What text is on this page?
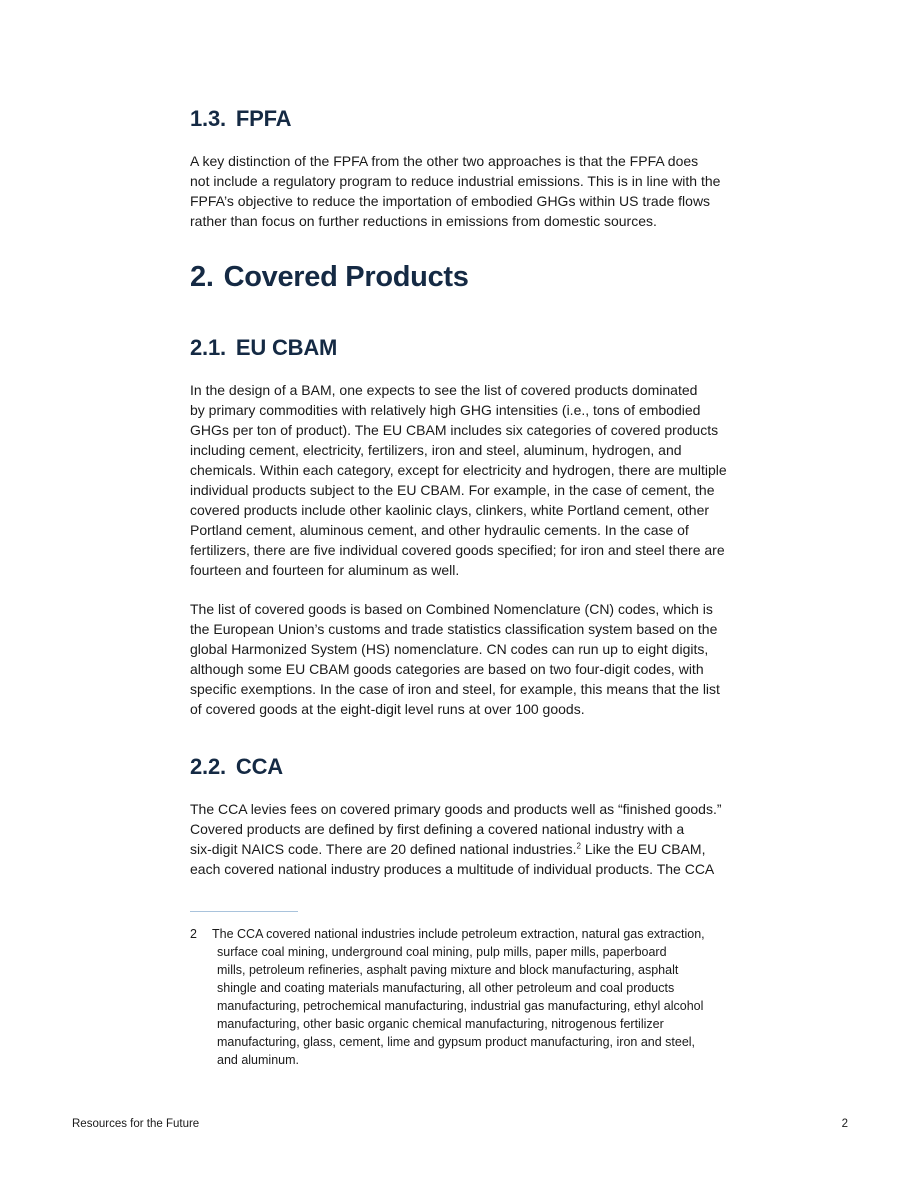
1.3. FPFA

A key distinction of the FPFA from the other two approaches is that the FPFA does
not include a regulatory program to reduce industrial emissions. This is in line with the
FPFA’s objective to reduce the importation of embodied GHGs within US trade flows
rather than focus on further reductions in emissions from domestic sources.

2. Covered Products
2.1. EU CBAM

In the design of a BAM, one expects to see the list of covered products dominated
by primary commodities with relatively high GHG intensities (i.e., tons of embodied
GHGs per ton of product). The EU CBAM includes six categories of covered products
including cement, electricity, fertilizers, iron and steel, aluminum, hydrogen, and
chemicals. Within each category, except for electricity and hydrogen, there are multiple
individual products subject to the EU CBAM. For example, in the case of cement, the
covered products include other kaolinic clays, clinkers, white Portland cement, other
Portland cement, aluminous cement, and other hydraulic cements. In the case of
fertilizers, there are five individual covered goods specified; for iron and steel there are
fourteen and fourteen for aluminum as well.

The list of covered goods is based on Combined Nomenclature (CN) codes, which is
the European Union’s customs and trade statistics classification system based on the
global Harmonized System (HS) nomenclature. CN codes can run up to eight digits,
although some EU CBAM goods categories are based on two four-digit codes, with
specific exemptions. In the case of iron and steel, for example, this means that the list
of covered goods at the eight-digit level runs at over 100 goods.

2.2. CCA

The CCA levies fees on covered primary goods and products well as “finished goods.”
Covered products are defined by first defining a covered national industry with a
six-digit NAICS code. There are 20 defined national industries.$^2$ Like the EU CBAM,
each covered national industry produces a multitude of individual products. The CCA

2 The CCA covered national industries include petroleum extraction, natural gas extraction,
surface coal mining, underground coal mining, pulp mills, paper mills, paperboard
mills, petroleum refineries, asphalt paving mixture and block manufacturing, asphalt
shingle and coating materials manufacturing, all other petroleum and coal products
manufacturing, petrochemical manufacturing, industrial gas manufacturing, ethyl alcohol
manufacturing, other basic organic chemical manufacturing, nitrogenous fertilizer
manufacturing, glass, cement, lime and gypsum product manufacturing, iron and steel,
and aluminum.
Resources for the Future	2
